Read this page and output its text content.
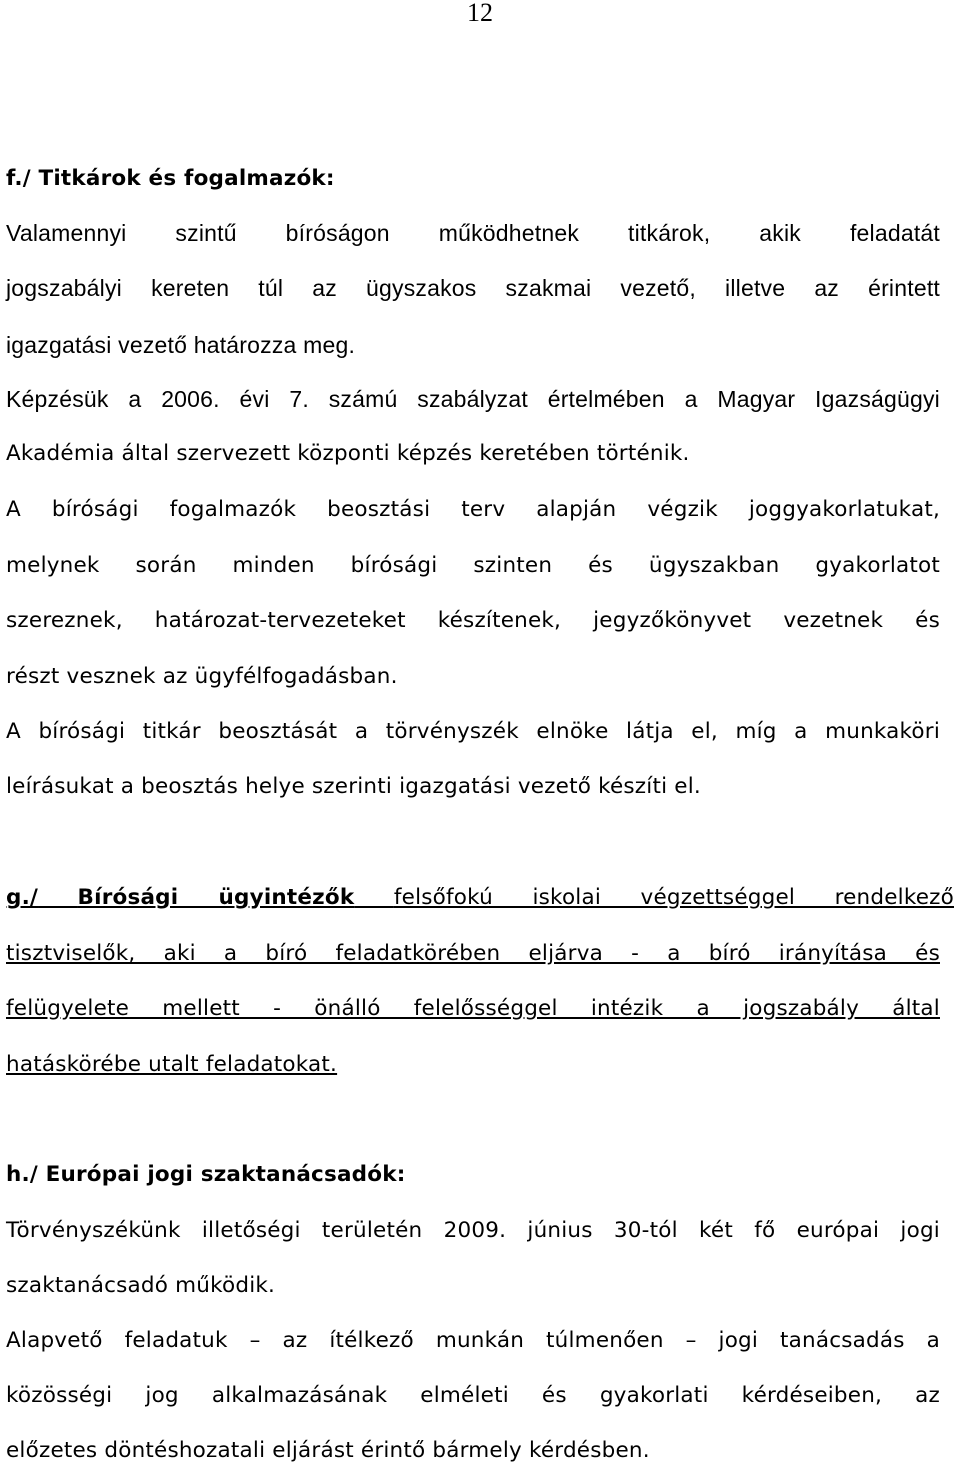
12
f./ Titkárok és fogalmazók:
Valamennyi szintű bíróságon működhetnek titkárok, akik feladatát
jogszabályi kereten túl az ügyszakos szakmai vezető, illetve az érintett
igazgatási vezető határozza meg.
Képzésük a 2006. évi 7. számú szabályzat értelmében a Magyar Igazságügyi
Akadémia által szervezett központi képzés keretében történik.
A bírósági fogalmazók beosztási terv alapján végzik joggyakorlatukat,
melynek során minden bírósági szinten és ügyszakban gyakorlatot
szereznek, határozat-tervezeteket készítenek, jegyzőkönyvet vezetnek és
részt vesznek az ügyfélfogadásban.
A bírósági titkár beosztását a törvényszék elnöke látja el, míg a munkaköri
leírásukat a beosztás helye szerinti igazgatási vezető készíti el.
g./ Bírósági ügyintézők felsőfokú iskolai végzettséggel rendelkező
tisztviselők, aki a bíró feladatkörében eljárva - a bíró irányítása és
felügyelete mellett - önálló felelősséggel intézik a jogszabály által
hatáskörébe utalt feladatokat.
h./ Európai jogi szaktanácsadók:
Törvényszékünk illetőségi területén 2009. június 30-tól két fő európai jogi
szaktanácsadó működik.
Alapvető feladatuk – az ítélkező munkán túlmenően – jogi tanácsadás a
közösségi jog alkalmazásának elméleti és gyakorlati kérdéseiben, az
előzetes döntéshozatali eljárást érintő bármely kérdésben.
